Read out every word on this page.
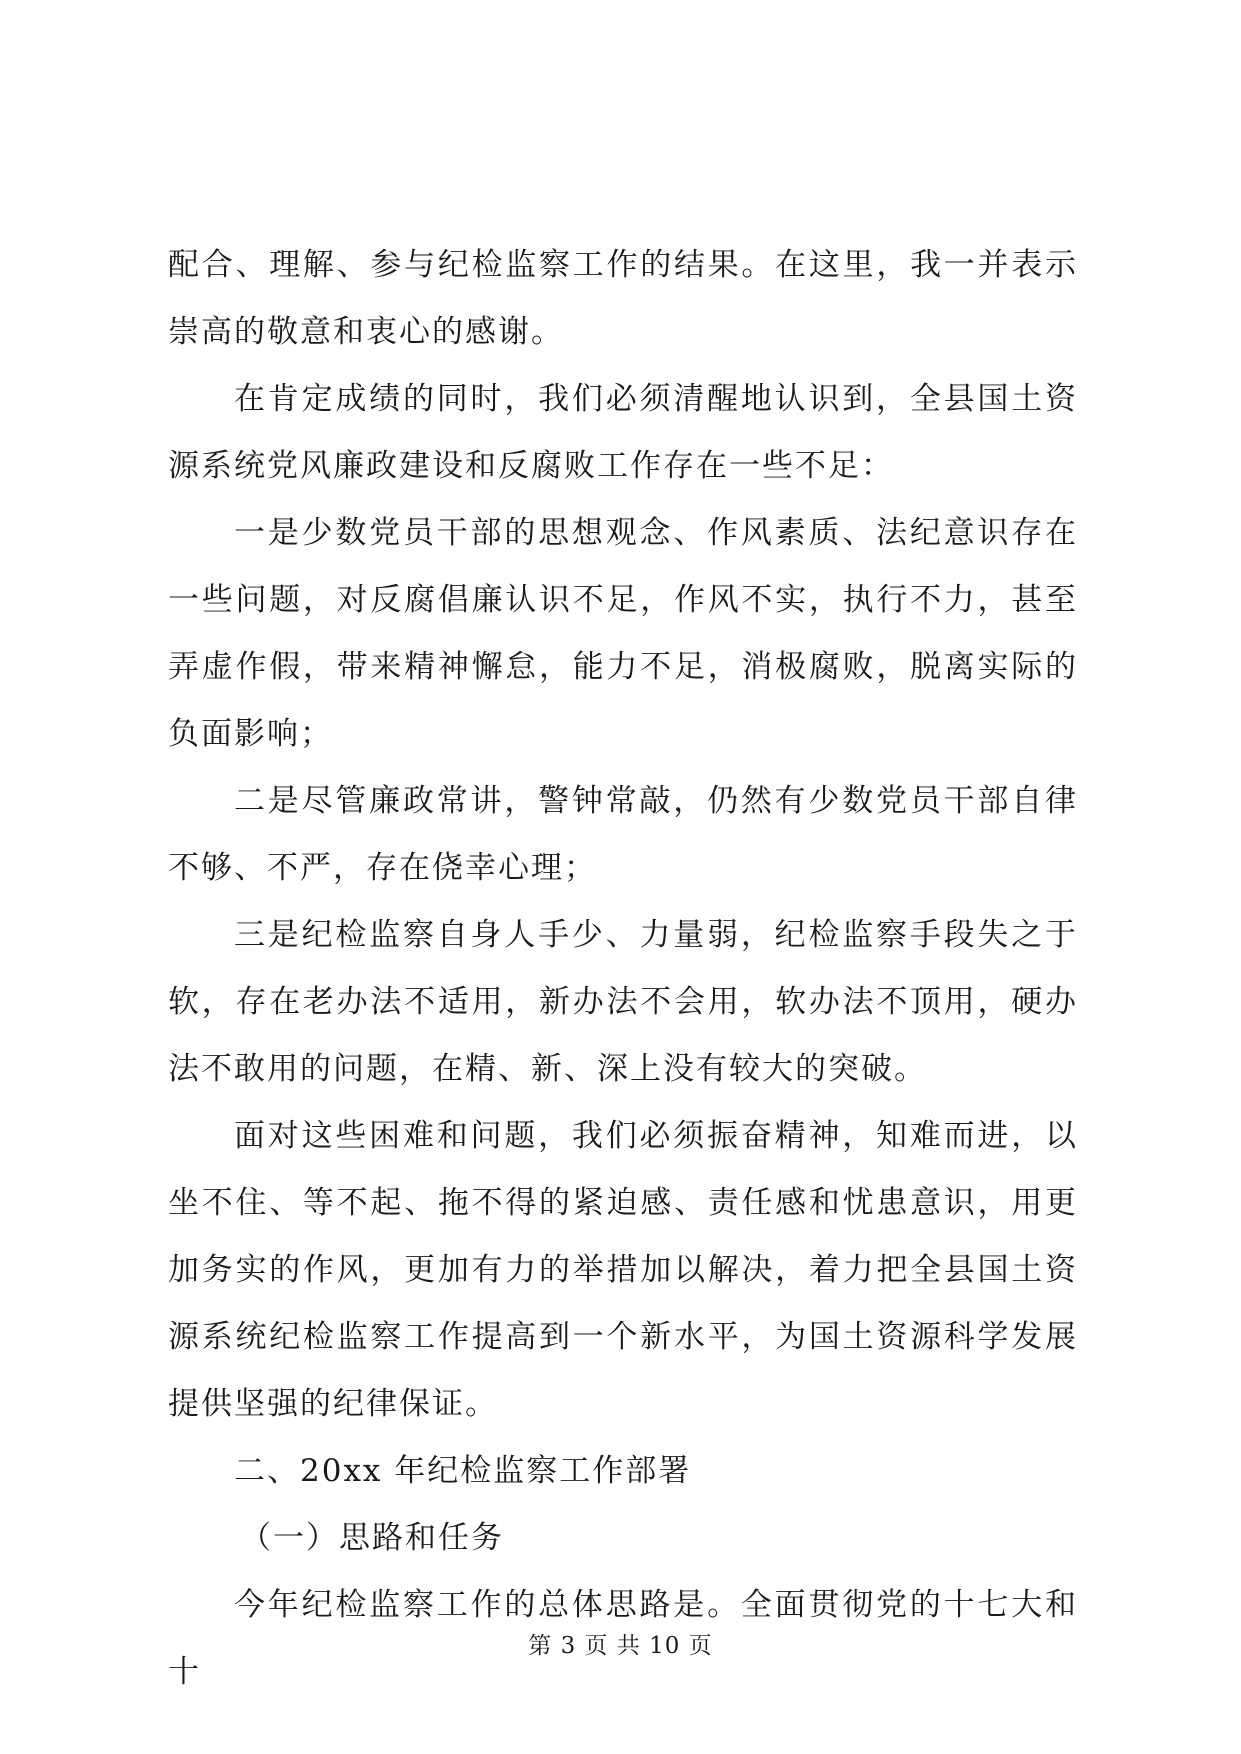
配合、理解、参与纪检监察工作的结果。在这里，我一并表示崇高的敬意和衷心的感谢。

在肯定成绩的同时，我们必须清醒地认识到，全县国土资源系统党风廉政建设和反腐败工作存在一些不足：

一是少数党员干部的思想观念、作风素质、法纪意识存在一些问题，对反腐倡廉认识不足，作风不实，执行不力，甚至弄虚作假，带来精神懈怠，能力不足，消极腐败，脱离实际的负面影响；

二是尽管廉政常讲，警钟常敲，仍然有少数党员干部自律不够、不严，存在侥幸心理；

三是纪检监察自身人手少、力量弱，纪检监察手段失之于软，存在老办法不适用，新办法不会用，软办法不顶用，硬办法不敢用的问题，在精、新、深上没有较大的突破。

面对这些困难和问题，我们必须振奋精神，知难而进，以坐不住、等不起、拖不得的紧迫感、责任感和忧患意识，用更加务实的作风，更加有力的举措加以解决，着力把全县国土资源系统纪检监察工作提高到一个新水平，为国土资源科学发展提供坚强的纪律保证。

二、20xx 年纪检监察工作部署

（一）思路和任务

今年纪检监察工作的总体思路是。全面贯彻党的十七大和十

第 3 页 共 10 页
